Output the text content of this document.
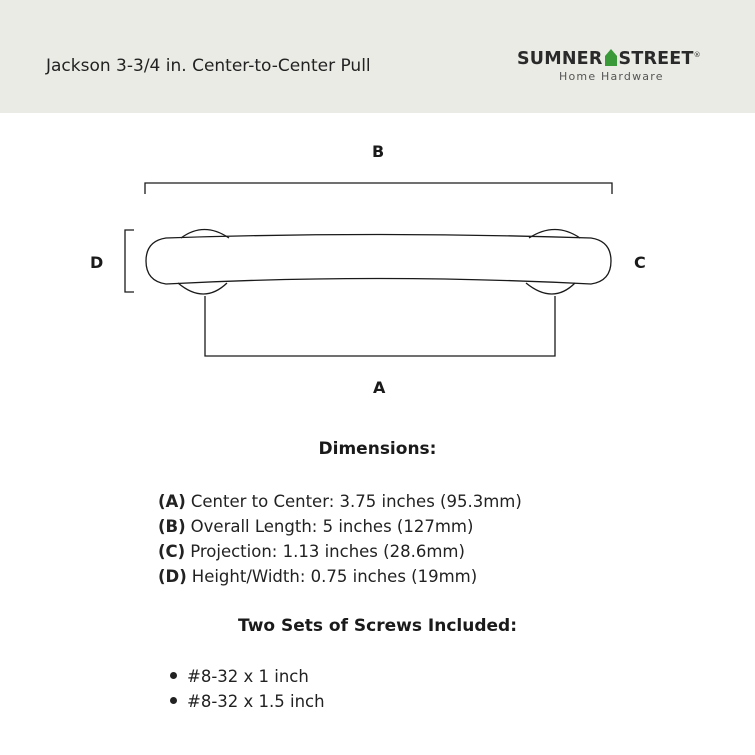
Jackson 3-3/4 in. Center-to-Center Pull	SUMNER STREET®
Home Hardware
B
D	C
A
Dimensions:
(A) Center to Center: 3.75 inches (95.3mm)
(B) Overall Length: 5 inches (127mm)
(C) Projection: 1.13 inches (28.6mm)
(D) Height/Width: 0.75 inches (19mm)
Two Sets of Screws Included:
#8-32 x 1 inch
#8-32 x 1.5 inch
